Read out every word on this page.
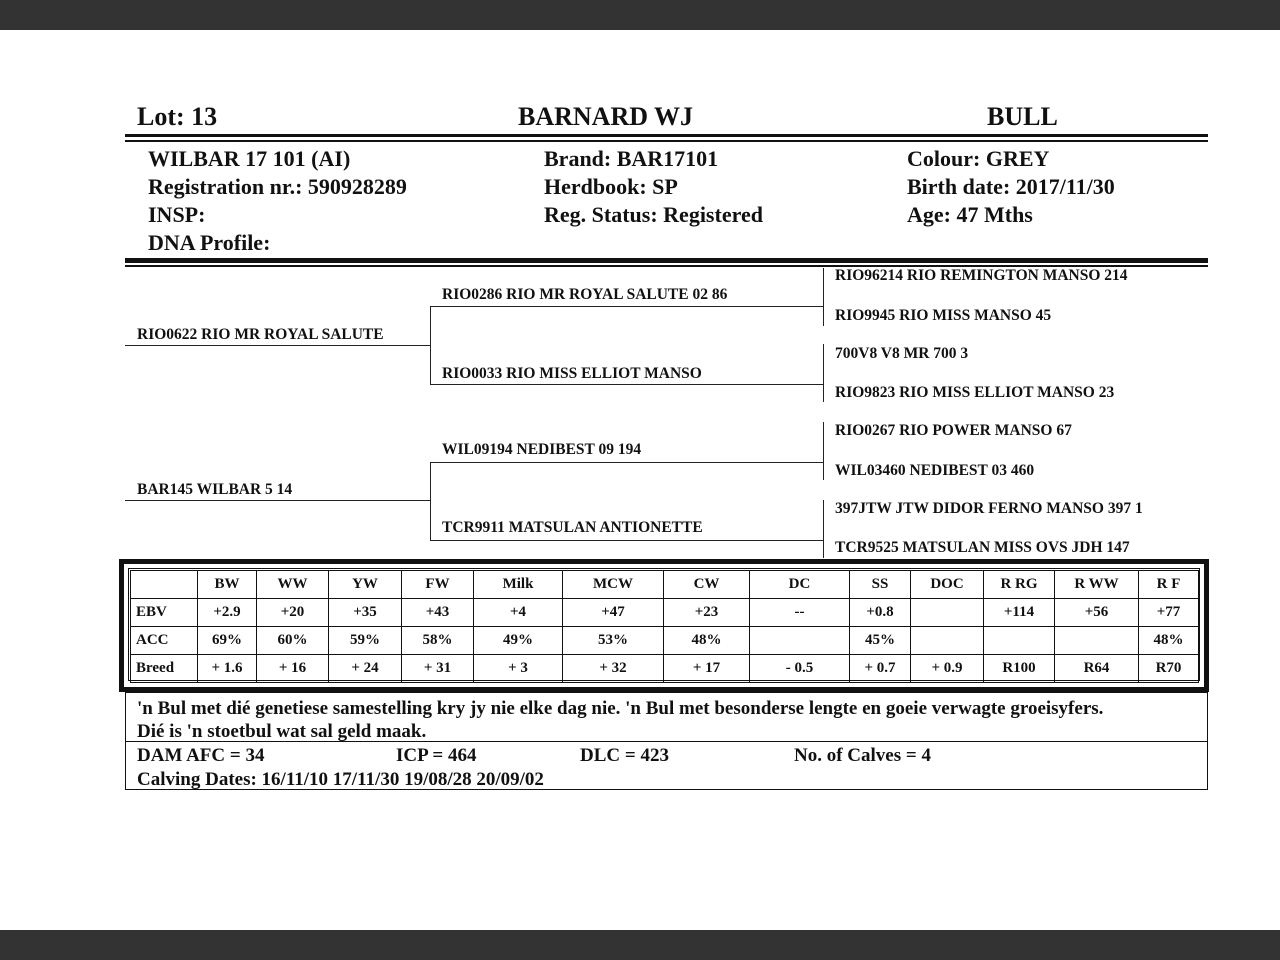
Lot: 13	BARNARD WJ	BULL
WILBAR 17 101 (AI)
Registration nr.: 590928289
INSP:
DNA Profile:
Brand: BAR17101
Herdbook: SP
Reg. Status: Registered
Colour: GREY
Birth date: 2017/11/30
Age: 47 Mths
RIO0622 RIO MR ROYAL SALUTE
BAR145 WILBAR 5 14
RIO0286 RIO MR ROYAL SALUTE 02 86
RIO0033 RIO MISS ELLIOT MANSO
WIL09194 NEDIBEST 09 194
TCR9911 MATSULAN ANTIONETTE
RIO96214 RIO REMINGTON MANSO 214
RIO9945 RIO MISS MANSO 45
700V8 V8 MR 700 3
RIO9823 RIO MISS ELLIOT MANSO 23
RIO0267 RIO POWER MANSO 67
WIL03460 NEDIBEST 03 460
397JTW JTW DIDOR FERNO MANSO 397 1
TCR9525 MATSULAN MISS OVS JDH 147
	BW	WW	YW	FW	Milk	MCW	CW	DC	SS	DOC	R RG	R WW	R F
EBV	+2.9	+20	+35	+43	+4	+47	+23	--	+0.8		+114	+56	+77
ACC	69%	60%	59%	58%	49%	53%	48%		45%				48%
Breed	+ 1.6	+ 16	+ 24	+ 31	+ 3	+ 32	+ 17	- 0.5	+ 0.7	+ 0.9	R100	R64	R70
'n Bul met dié genetiese samestelling kry jy nie elke dag nie. 'n Bul met besonderse lengte en goeie verwagte groeisyfers.
Dié is 'n stoetbul wat sal geld maak.
DAM AFC = 34	ICP = 464	DLC = 423	No. of Calves = 4
Calving Dates: 16/11/10 17/11/30 19/08/28 20/09/02
